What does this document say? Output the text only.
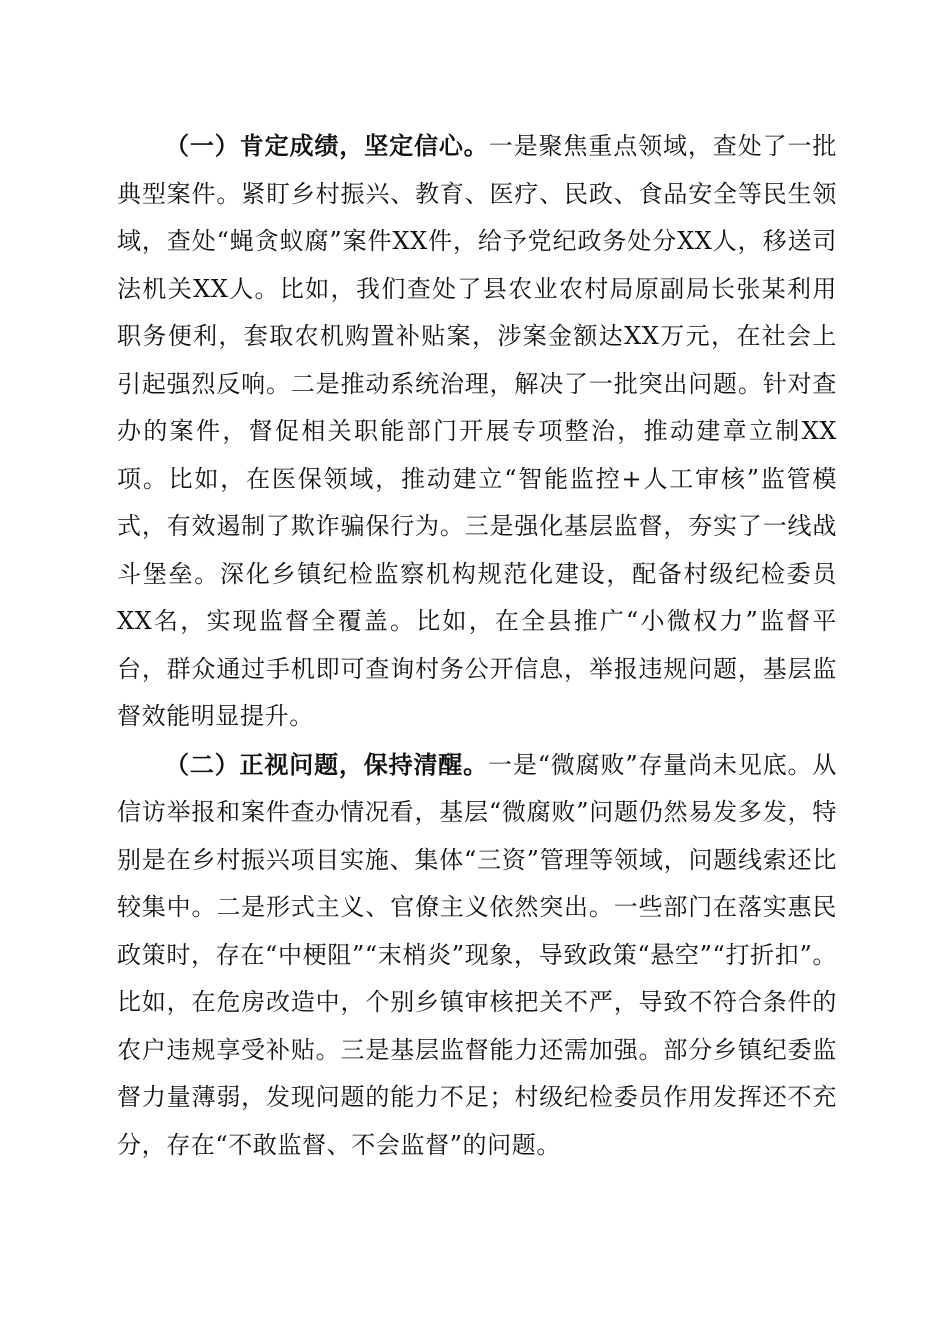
（一）肯定成绩，坚定信心。一是聚焦重点领域，查处了一批典型案件。紧盯乡村振兴、教育、医疗、民政、食品安全等民生领域，查处“蝇贪蚁腐”案件XX件，给予党纪政务处分XX人，移送司法机关XX人。比如，我们查处了县农业农村局原副局长张某利用职务便利，套取农机购置补贴案，涉案金额达XX万元，在社会上引起强烈反响。二是推动系统治理，解决了一批突出问题。针对查办的案件，督促相关职能部门开展专项整治，推动建章立制XX项。比如，在医保领域，推动建立“智能监控+人工审核”监管模式，有效遏制了欺诈骗保行为。三是强化基层监督，夯实了一线战斗堡垒。深化乡镇纪检监察机构规范化建设，配备村级纪检委员XX名，实现监督全覆盖。比如，在全县推广“小微权力”监督平台，群众通过手机即可查询村务公开信息，举报违规问题，基层监督效能明显提升。

（二）正视问题，保持清醒。一是“微腐败”存量尚未见底。从信访举报和案件查办情况看，基层“微腐败”问题仍然易发多发，特别是在乡村振兴项目实施、集体“三资”管理等领域，问题线索还比较集中。二是形式主义、官僚主义依然突出。一些部门在落实惠民政策时，存在“中梗阻”“末梢炎”现象，导致政策“悬空”“打折扣”。比如，在危房改造中，个别乡镇审核把关不严，导致不符合条件的农户违规享受补贴。三是基层监督能力还需加强。部分乡镇纪委监督力量薄弱，发现问题的能力不足；村级纪检委员作用发挥还不充分，存在“不敢监督、不会监督”的问题。
